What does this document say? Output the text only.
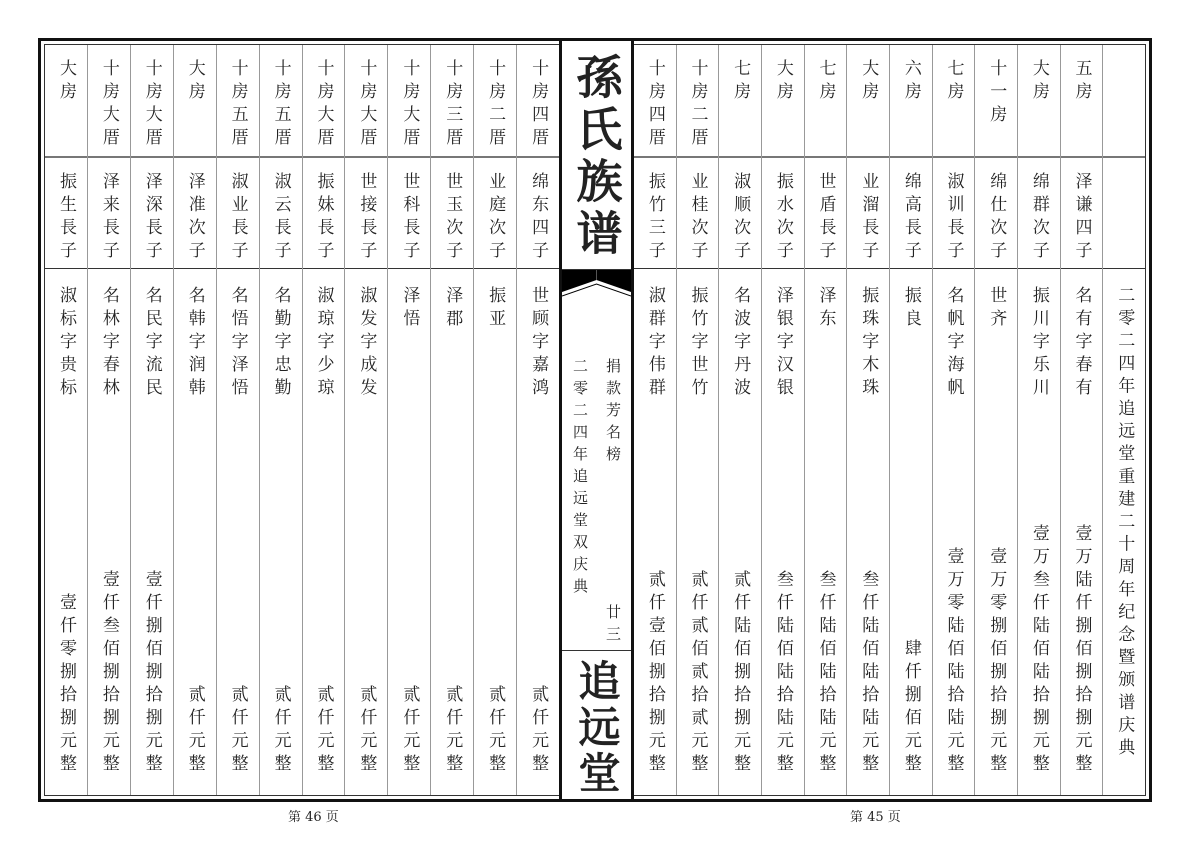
大房
振生長子
淑标字贵标
壹仟零捌拾捌元整
十房大厝
泽来長子
名林字春林
壹仟叁佰捌拾捌元整
十房大厝
泽深長子
名民字流民
壹仟捌佰捌拾捌元整
大房
泽准次子
名韩字润韩
贰仟元整
十房五厝
淑业長子
名悟字泽悟
贰仟元整
十房五厝
淑云長子
名勤字忠勤
贰仟元整
十房大厝
振妹長子
淑琼字少琼
贰仟元整
十房大厝
世接長子
淑发字成发
贰仟元整
十房大厝
世科長子
泽悟
贰仟元整
十房三厝
世玉次子
泽郡
贰仟元整
十房二厝
业庭次子
振亚
贰仟元整
十房四厝
绵东四子
世顾字嘉鸿
贰仟元整
孫氏族谱
捐款芳名榜
廿三
二零二四年追远堂双庆典
追远堂
十房四厝
振竹三子
淑群字伟群
贰仟壹佰捌拾捌元整
十房二厝
业桂次子
振竹字世竹
贰仟贰佰贰拾贰元整
七房
淑顺次子
名波字丹波
贰仟陆佰捌拾捌元整
大房
振水次子
泽银字汉银
叁仟陆佰陆拾陆元整
七房
世盾長子
泽东
叁仟陆佰陆拾陆元整
大房
业溜長子
振珠字木珠
叁仟陆佰陆拾陆元整
六房
绵高長子
振良
肆仟捌佰元整
七房
淑训長子
名帆字海帆
壹万零陆佰陆拾陆元整
十一房
绵仕次子
世齐
壹万零捌佰捌拾捌元整
大房
绵群次子
振川字乐川
壹万叁仟陆佰陆拾捌元整
五房
泽谦四子
名有字春有
壹万陆仟捌佰捌拾捌元整 二零二四年追远堂重建二十周年纪念暨颁谱庆典
第 46 页	第 45 页
